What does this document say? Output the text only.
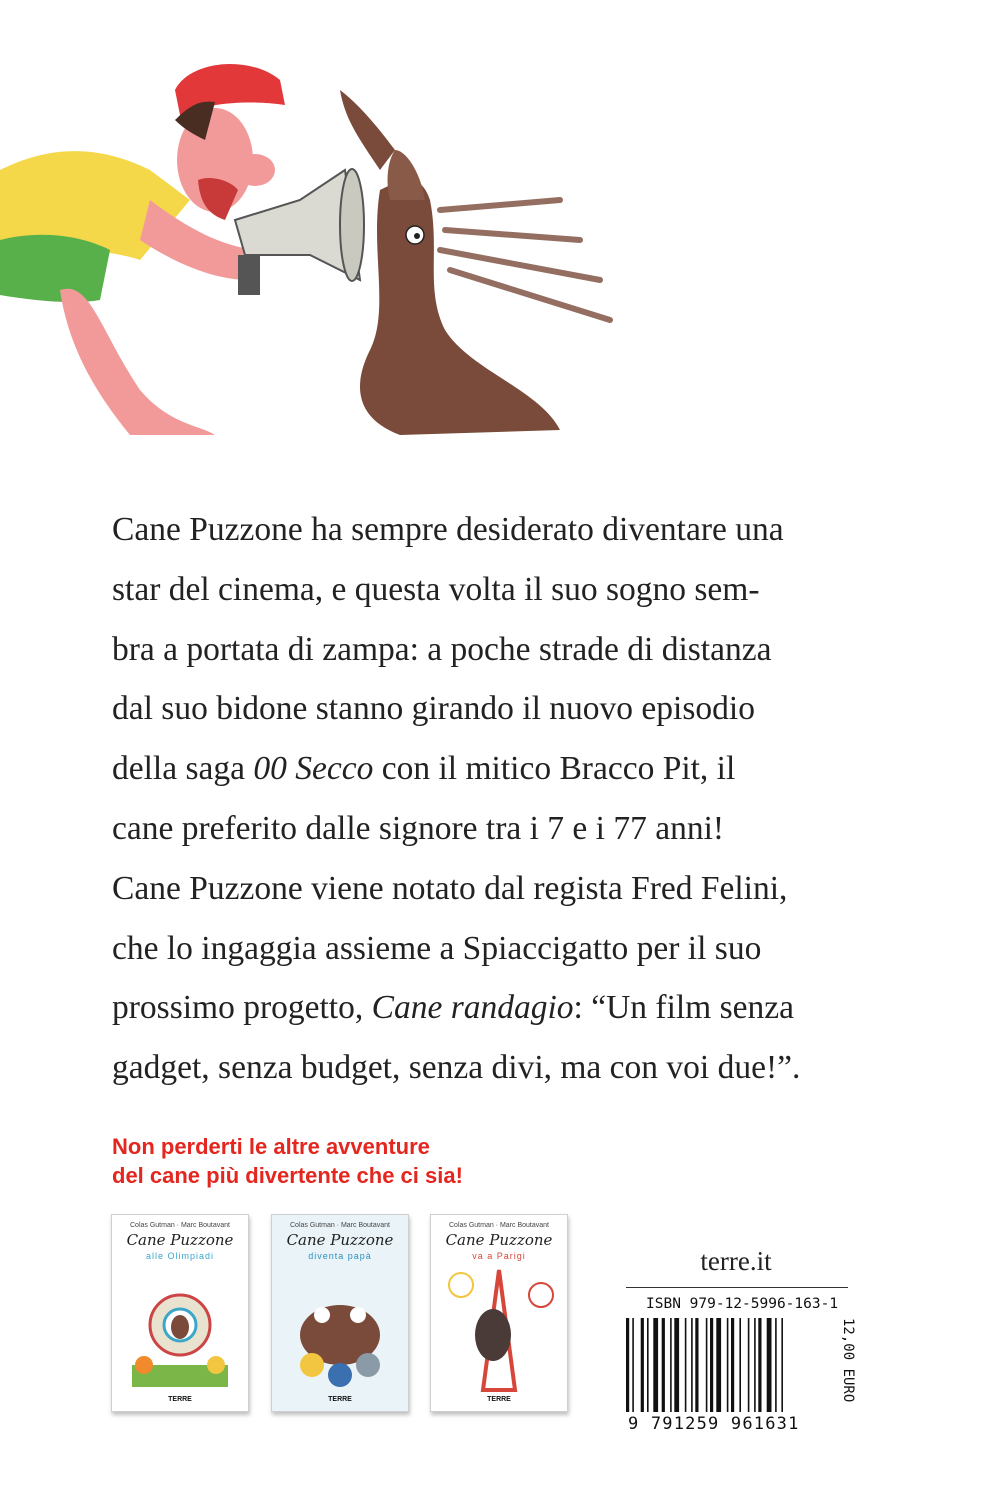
Cane Puzzone ha sempre desiderato diventare una

star del cinema, e questa volta il suo sogno sem-

bra a portata di zampa: a poche strade di distanza

dal suo bidone stanno girando il nuovo episodio

della saga 00 Secco con il mitico Bracco Pit, il

cane preferito dalle signore tra i 7 e i 77 anni!

Cane Puzzone viene notato dal regista Fred Felini,

che lo ingaggia assieme a Spiaccigatto per il suo

prossimo progetto, Cane randagio: “Un film senza

gadget, senza budget, senza divi, ma con voi due!”.

Non perderti le altre avventure
del cane più divertente che ci sia!
Colas Gutman · Marc Boutavant
Cane Puzzone
alle Olimpiadi
TERRE
Colas Gutman · Marc Boutavant
Cane Puzzone
diventa papà
TERRE
Colas Gutman · Marc Boutavant
Cane Puzzone
va a Parigi
TERRE
terre.it
ISBN 979-12-5996-163-1
9 791259 961631
12,00 EURO
